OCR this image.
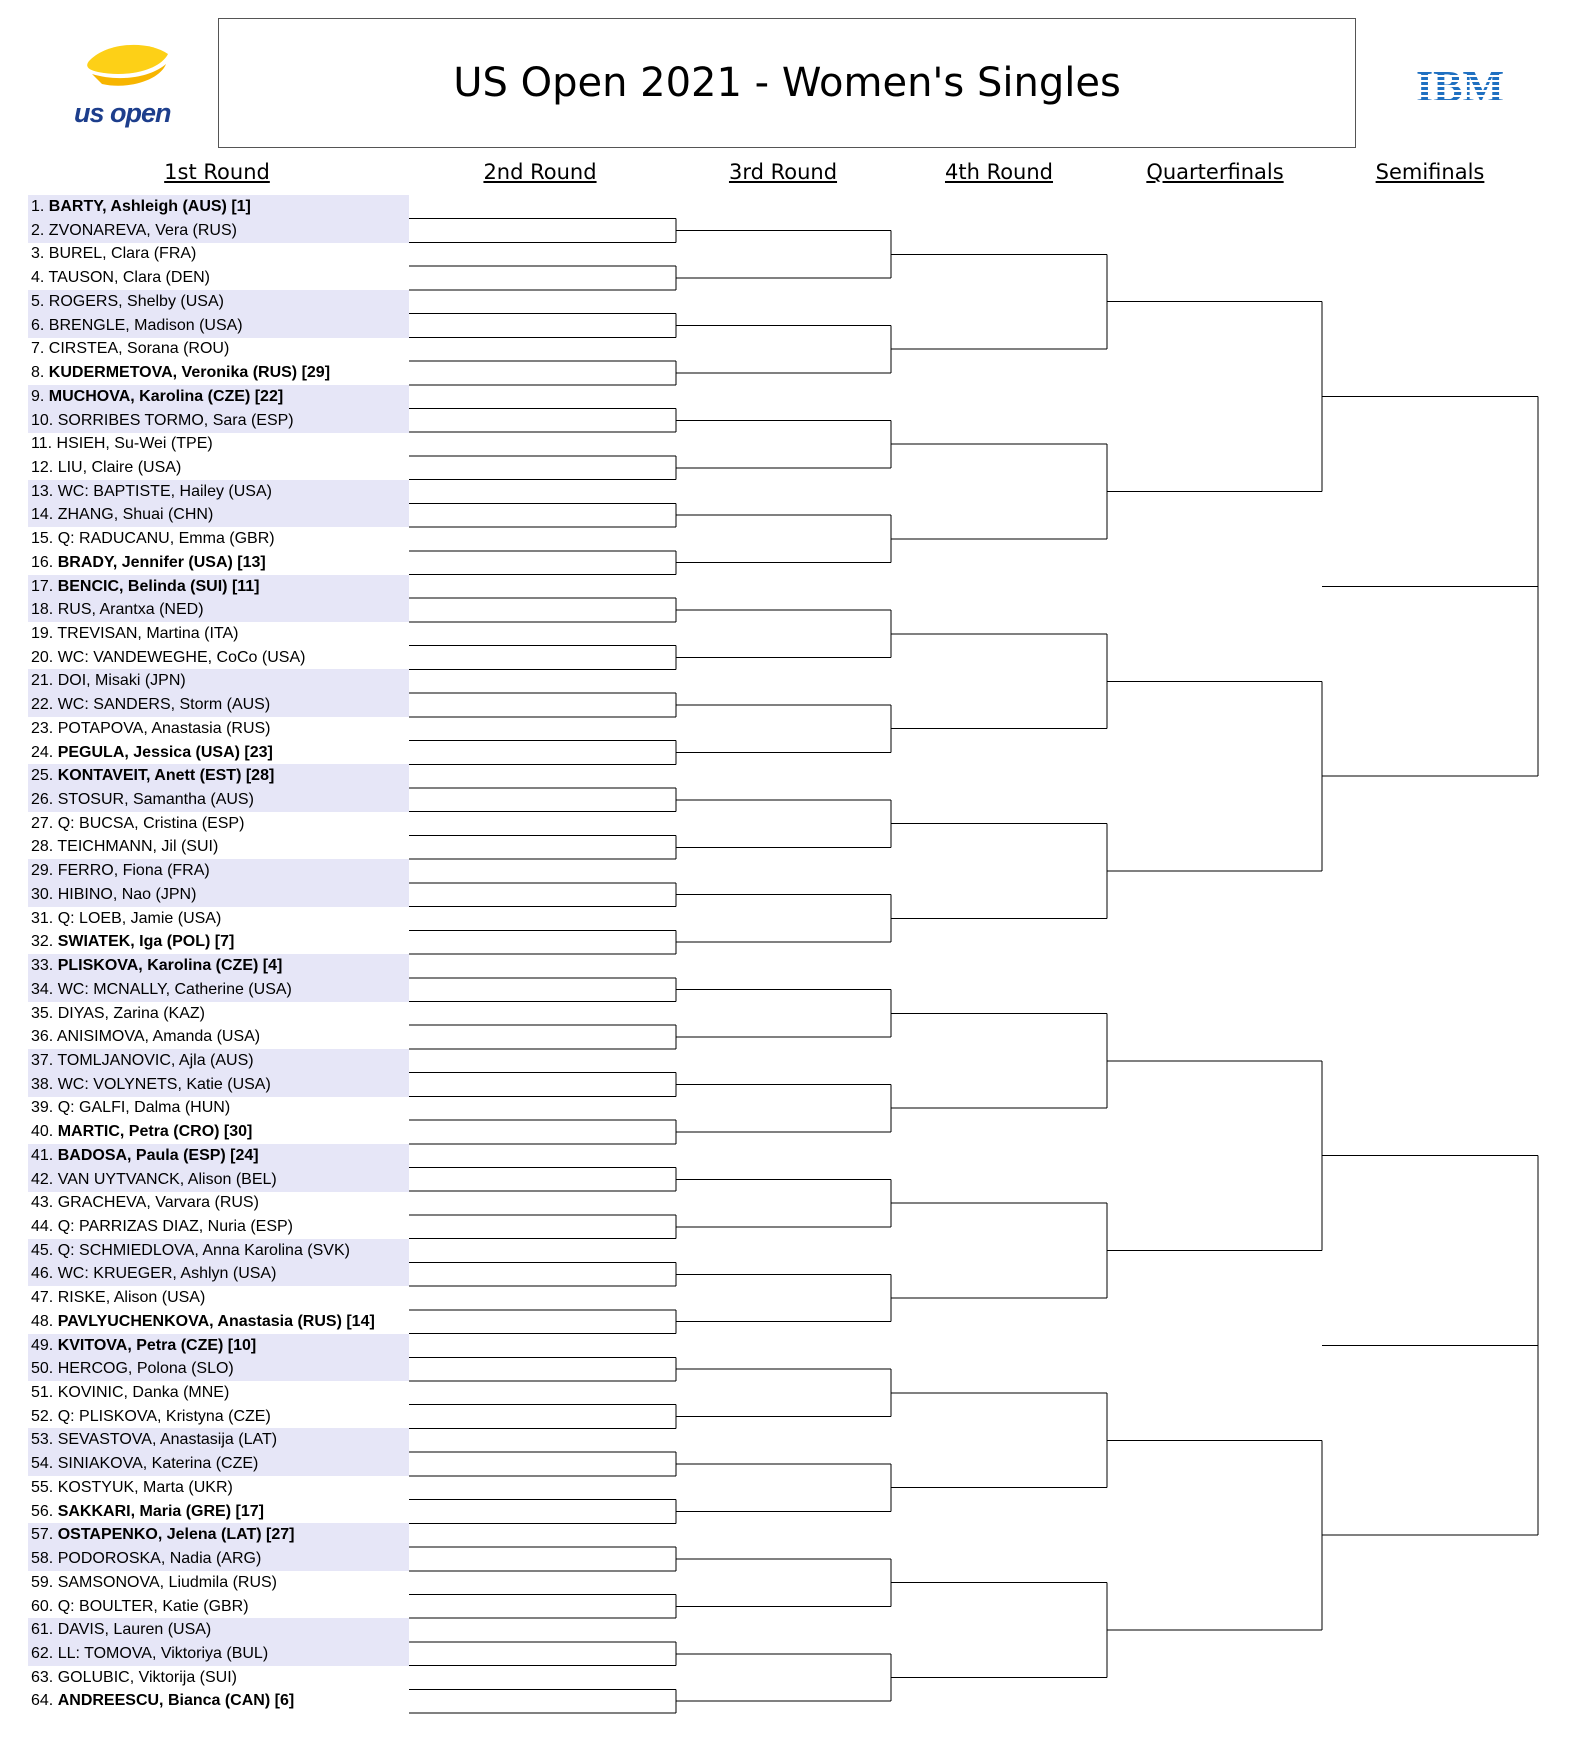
us open
US Open 2021 - Women's Singles	IBM
1st Round	2nd Round	3rd Round	4th Round	Quarterfinals	Semifinals
1. BARTY, Ashleigh (AUS) [1]
2. ZVONAREVA, Vera (RUS)
3. BUREL, Clara (FRA)
4. TAUSON, Clara (DEN)
5. ROGERS, Shelby (USA)
6. BRENGLE, Madison (USA)
7. CIRSTEA, Sorana (ROU)
8. KUDERMETOVA, Veronika (RUS) [29]
9. MUCHOVA, Karolina (CZE) [22]
10. SORRIBES TORMO, Sara (ESP)
11. HSIEH, Su-Wei (TPE)
12. LIU, Claire (USA)
13. WC: BAPTISTE, Hailey (USA)
14. ZHANG, Shuai (CHN)
15. Q: RADUCANU, Emma (GBR)
16. BRADY, Jennifer (USA) [13]
17. BENCIC, Belinda (SUI) [11]
18. RUS, Arantxa (NED)
19. TREVISAN, Martina (ITA)
20. WC: VANDEWEGHE, CoCo (USA)
21. DOI, Misaki (JPN)
22. WC: SANDERS, Storm (AUS)
23. POTAPOVA, Anastasia (RUS)
24. PEGULA, Jessica (USA) [23]
25. KONTAVEIT, Anett (EST) [28]
26. STOSUR, Samantha (AUS)
27. Q: BUCSA, Cristina (ESP)
28. TEICHMANN, Jil (SUI)
29. FERRO, Fiona (FRA)
30. HIBINO, Nao (JPN)
31. Q: LOEB, Jamie (USA)
32. SWIATEK, Iga (POL) [7]
33. PLISKOVA, Karolina (CZE) [4]
34. WC: MCNALLY, Catherine (USA)
35. DIYAS, Zarina (KAZ)
36. ANISIMOVA, Amanda (USA)
37. TOMLJANOVIC, Ajla (AUS)
38. WC: VOLYNETS, Katie (USA)
39. Q: GALFI, Dalma (HUN)
40. MARTIC, Petra (CRO) [30]
41. BADOSA, Paula (ESP) [24]
42. VAN UYTVANCK, Alison (BEL)
43. GRACHEVA, Varvara (RUS)
44. Q: PARRIZAS DIAZ, Nuria (ESP)
45. Q: SCHMIEDLOVA, Anna Karolina (SVK)
46. WC: KRUEGER, Ashlyn (USA)
47. RISKE, Alison (USA)
48. PAVLYUCHENKOVA, Anastasia (RUS) [14]
49. KVITOVA, Petra (CZE) [10]
50. HERCOG, Polona (SLO)
51. KOVINIC, Danka (MNE)
52. Q: PLISKOVA, Kristyna (CZE)
53. SEVASTOVA, Anastasija (LAT)
54. SINIAKOVA, Katerina (CZE)
55. KOSTYUK, Marta (UKR)
56. SAKKARI, Maria (GRE) [17]
57. OSTAPENKO, Jelena (LAT) [27]
58. PODOROSKA, Nadia (ARG)
59. SAMSONOVA, Liudmila (RUS)
60. Q: BOULTER, Katie (GBR)
61. DAVIS, Lauren (USA)
62. LL: TOMOVA, Viktoriya (BUL)
63. GOLUBIC, Viktorija (SUI)
64. ANDREESCU, Bianca (CAN) [6]
